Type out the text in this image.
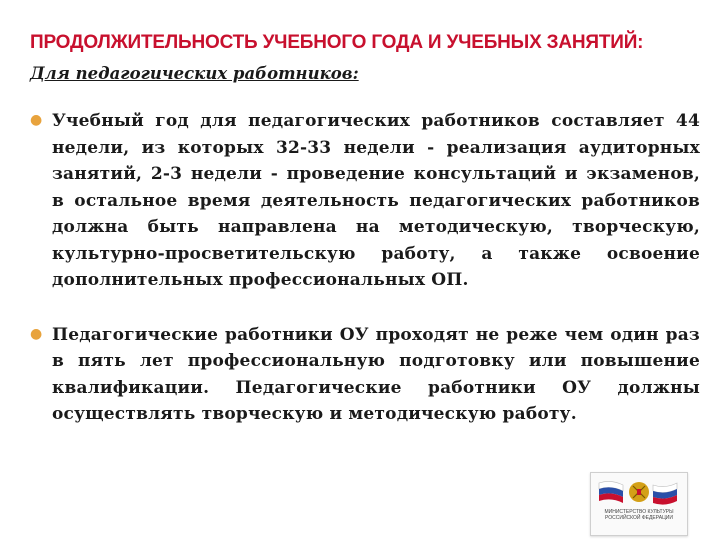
ПРОДОЛЖИТЕЛЬНОСТЬ УЧЕБНОГО ГОДА И УЧЕБНЫХ ЗАНЯТИЙ:
Для педагогических работников:
● Учебный год для педагогических работников составляет 44 недели, из которых 32-33 недели - реализация аудиторных занятий, 2-3 недели - проведение консультаций и экзаменов, в остальное время деятельность педагогических работников должна быть направлена на методическую, творческую, культурно-просветительскую работу, а также освоение дополнительных профессиональных ОП.
● Педагогические работники ОУ проходят не реже чем один раз в пять лет профессиональную подготовку или повышение квалификации. Педагогические работники ОУ должны осуществлять творческую и методическую работу.
МИНИСТЕРСТВО КУЛЬТУРЫ
РОССИЙСКОЙ ФЕДЕРАЦИИ
